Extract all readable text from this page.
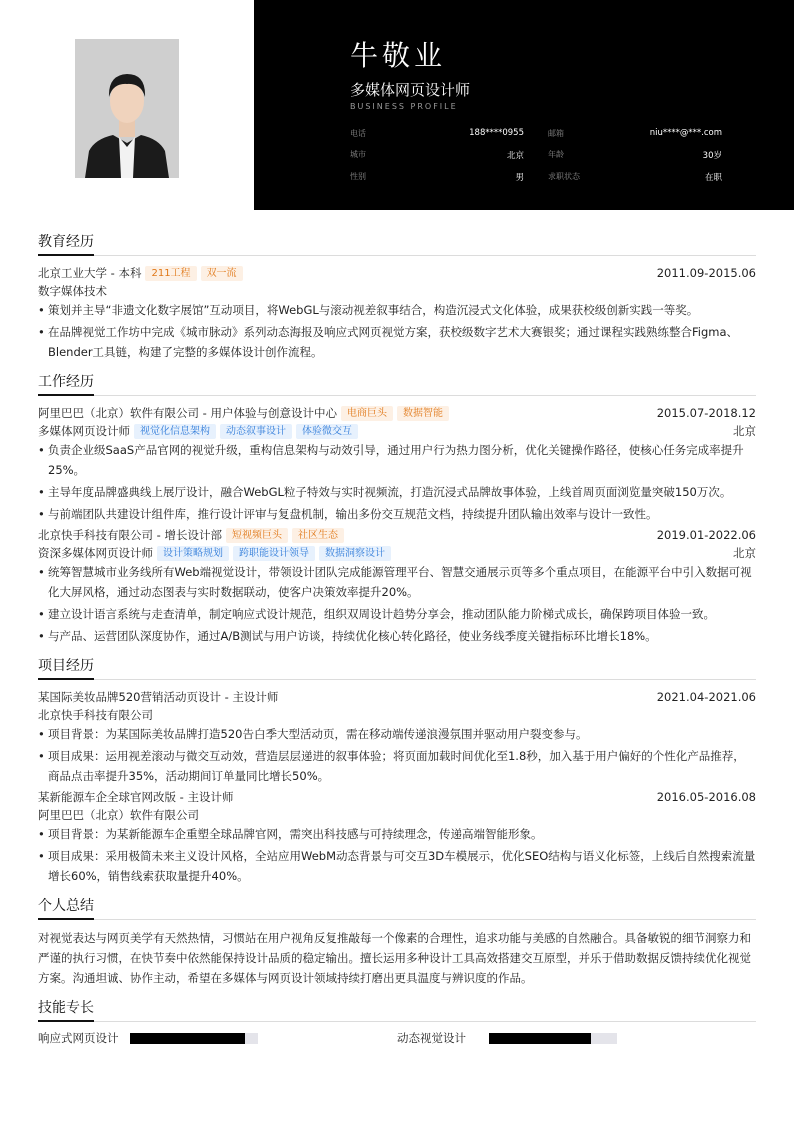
牛敬业
多媒体网页设计师
BUSINESS PROFILE
电话	188****0955	邮箱	niu****@***.com
城市	北京	年龄	30岁
性别	男	求职状态	在职
教育经历
北京工业大学 - 本科	211工程	双一流	2011.09-2015.06
数字媒体技术
• 策划并主导“非遗文化数字展馆”互动项目，将WebGL与滚动视差叙事结合，构造沉浸式文化体验，成果获校级创新实践一等奖。
• 在品牌视觉工作坊中完成《城市脉动》系列动态海报及响应式网页视觉方案，获校级数字艺术大赛银奖；通过课程实践熟练整合Figma、Blender工具链，构建了完整的多媒体设计创作流程。
工作经历
阿里巴巴（北京）软件有限公司 - 用户体验与创意设计中心	电商巨头	数据智能	2015.07-2018.12
多媒体网页设计师	视觉化信息架构	动态叙事设计	体验微交互	北京
• 负责企业级SaaS产品官网的视觉升级，重构信息架构与动效引导，通过用户行为热力图分析，优化关键操作路径，使核心任务完成率提升25%。
• 主导年度品牌盛典线上展厅设计，融合WebGL粒子特效与实时视频流，打造沉浸式品牌故事体验，上线首周页面浏览量突破150万次。
• 与前端团队共建设计组件库，推行设计评审与复盘机制，输出多份交互规范文档，持续提升团队输出效率与设计一致性。
北京快手科技有限公司 - 增长设计部	短视频巨头	社区生态	2019.01-2022.06
资深多媒体网页设计师	设计策略规划	跨职能设计领导	数据洞察设计	北京
• 统筹智慧城市业务线所有Web端视觉设计，带领设计团队完成能源管理平台、智慧交通展示页等多个重点项目，在能源平台中引入数据可视化大屏风格，通过动态图表与实时数据联动，使客户决策效率提升20%。
• 建立设计语言系统与走查清单，制定响应式设计规范，组织双周设计趋势分享会，推动团队能力阶梯式成长，确保跨项目体验一致。
• 与产品、运营团队深度协作，通过A/B测试与用户访谈，持续优化核心转化路径，使业务线季度关键指标环比增长18%。
项目经历
某国际美妆品牌520营销活动页设计 - 主设计师	2021.04-2021.06
北京快手科技有限公司
• 项目背景：为某国际美妆品牌打造520告白季大型活动页，需在移动端传递浪漫氛围并驱动用户裂变参与。
• 项目成果：运用视差滚动与微交互动效，营造层层递进的叙事体验；将页面加载时间优化至1.8秒，加入基于用户偏好的个性化产品推荐，商品点击率提升35%，活动期间订单量同比增长50%。
某新能源车企全球官网改版 - 主设计师	2016.05-2016.08
阿里巴巴（北京）软件有限公司
• 项目背景：为某新能源车企重塑全球品牌官网，需突出科技感与可持续理念，传递高端智能形象。
• 项目成果：采用极简未来主义设计风格，全站应用WebM动态背景与可交互3D车模展示，优化SEO结构与语义化标签，上线后自然搜索流量增长60%，销售线索获取量提升40%。
个人总结
对视觉表达与网页美学有天然热情，习惯站在用户视角反复推敲每一个像素的合理性，追求功能与美感的自然融合。具备敏锐的细节洞察力和严谨的执行习惯，在快节奏中依然能保持设计品质的稳定输出。擅长运用多种设计工具高效搭建交互原型，并乐于借助数据反馈持续优化视觉方案。沟通坦诚、协作主动，希望在多媒体与网页设计领域持续打磨出更具温度与辨识度的作品。
技能专长
响应式网页设计	动态视觉设计
